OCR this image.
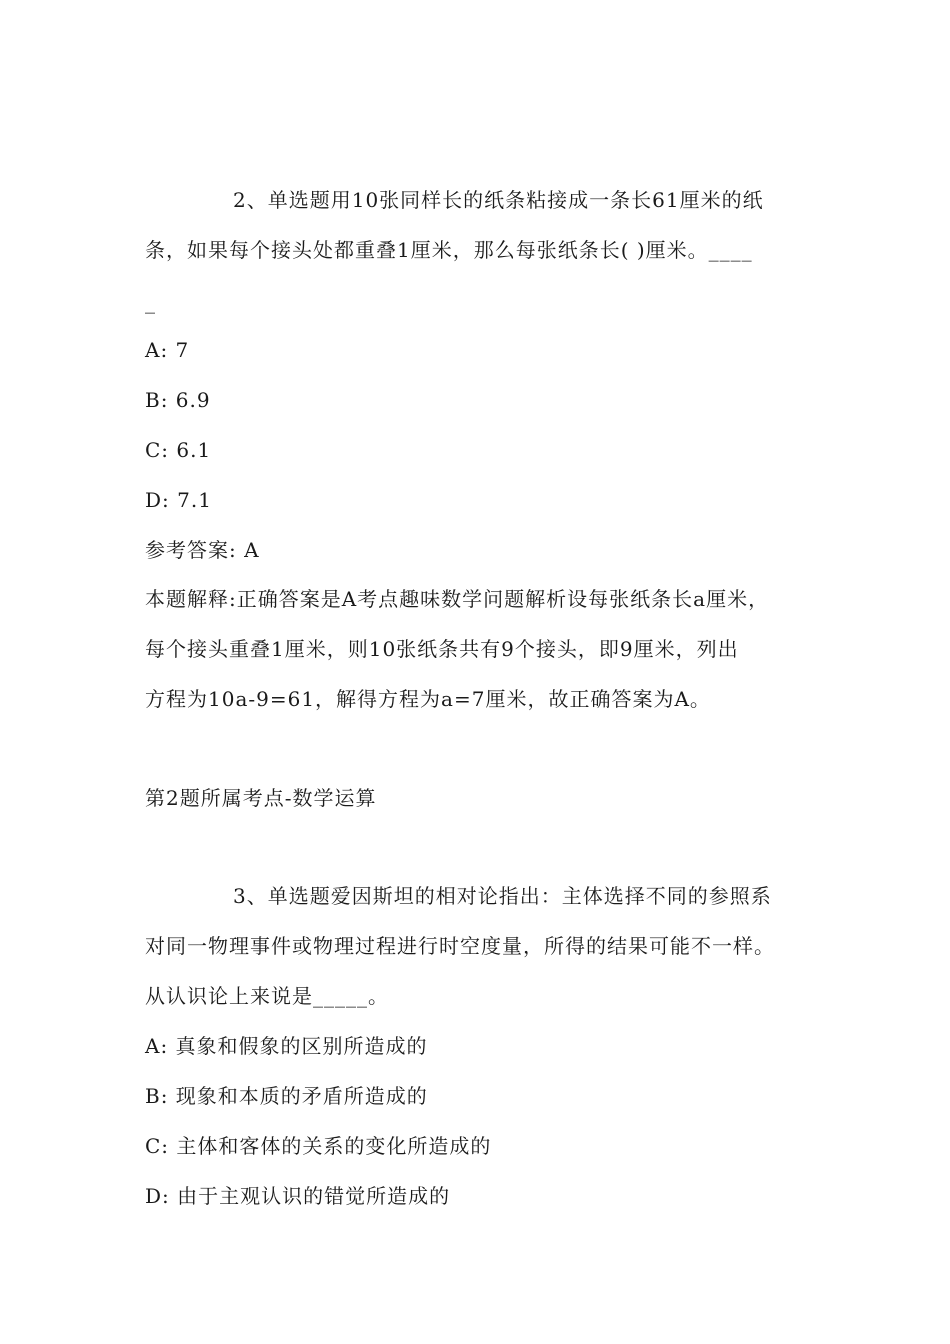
2、单选题用10张同样长的纸条粘接成一条长61厘米的纸
条，如果每个接头处都重叠1厘米，那么每张纸条长( )厘米。____
_
A: 7
B: 6.9
C: 6.1
D: 7.1
参考答案: A
本题解释:正确答案是A考点趣味数学问题解析设每张纸条长a厘米，
每个接头重叠1厘米，则10张纸条共有9个接头，即9厘米，列出
方程为10a-9=61，解得方程为a=7厘米，故正确答案为A。
第2题所属考点-数学运算
3、单选题爱因斯坦的相对论指出：主体选择不同的参照系
对同一物理事件或物理过程进行时空度量，所得的结果可能不一样。
从认识论上来说是_____。
A: 真象和假象的区别所造成的
B: 现象和本质的矛盾所造成的
C: 主体和客体的关系的变化所造成的
D: 由于主观认识的错觉所造成的
